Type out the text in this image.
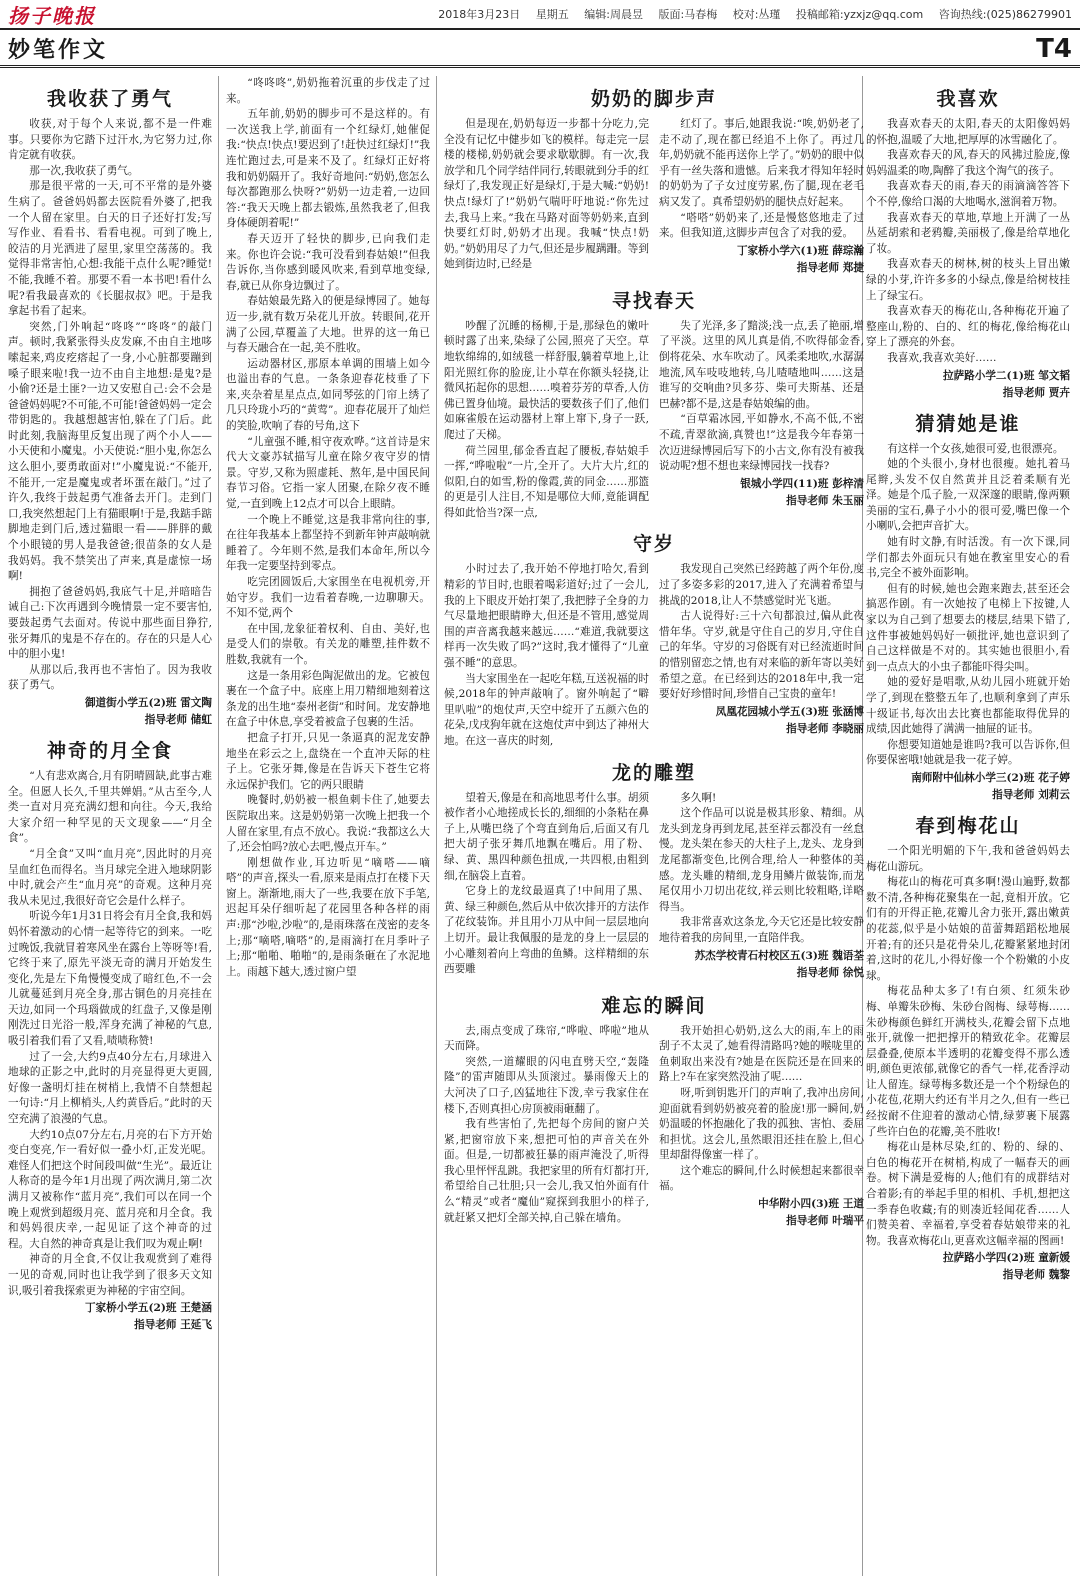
扬子晚报	2018年3月23日 星期五 编辑:周晨昱 版面:马春梅 校对:丛瑾 投稿邮箱:yzxjz@qq.com 咨询热线:(025)86279901
妙笔作文	T4
我收获了勇气

收获,对于每个人来说,都不是一件难事。只要你为它踏下过汗水,为它努力过,你肯定就有收获。

那一次,我收获了勇气。

那是很平常的一天,可不平常的是外婆生病了。爸爸妈妈都去医院看外婆了,把我一个人留在家里。白天的日子还好打发;写写作业、看看书、看看电视。可到了晚上,皎洁的月光洒进了屋里,家里空荡荡的。我觉得非常害怕,心想:我能干点什么呢?睡觉!不能,我睡不着。那要不看一本书吧!看什么呢?看我最喜欢的《长腿叔叔》吧。于是我拿起书看了起来。

突然,门外响起“咚咚”“咚咚”的敲门声。顿时,我紧张得头皮发麻,不由自主地哆嗦起来,鸡皮疙瘩起了一身,小心脏都要蹦到嗓子眼来啦!我一边不由自主地想:是鬼?是小偷?还是土匪?一边又安慰自己:会不会是爸爸妈妈呢?不可能,不可能!爸爸妈妈一定会带钥匙的。我越想越害怕,躲在了门后。此时此刻,我脑海里反复出现了两个小人——小天使和小魔鬼。小天使说:“胆小鬼,你怎么这么胆小,要勇敢面对!”小魔鬼说:“不能开,不能开,一定是魔鬼或者坏蛋在敲门。”过了许久,我终于鼓起勇气准备去开门。走到门口,我突然想起门上有猫眼啊!于是,我踮手踮脚地走到门后,透过猫眼一看——胖胖的戴个小眼镜的男人是我爸爸;很苗条的女人是我妈妈。我不禁笑出了声来,真是虚惊一场啊!

拥抱了爸爸妈妈,我底气十足,并暗暗告诫自己:下次再遇到今晚情景一定不要害怕,要鼓起勇气去面对。传说中那些面目狰狞,张牙舞爪的鬼是不存在的。存在的只是人心中的胆小鬼!

从那以后,我再也不害怕了。因为我收获了勇气。

御道街小学五(2)班 雷文陶
指导老师 储虹
神奇的月全食

“人有悲欢离合,月有阴晴圆缺,此事古难全。但愿人长久,千里共婵娟。”从古至今,人类一直对月亮充满幻想和向往。今天,我给大家介绍一种罕见的天文现象——“月全食”。

“月全食”又叫“血月亮”,因此时的月亮呈血红色而得名。当月球完全进入地球阴影中时,就会产生“血月亮”的奇观。这种月亮我从未见过,我很好奇它会是什么样子。

听说今年1月31日将会有月全食,我和妈妈怀着激动的心情一起等待它的到来。一吃过晚饭,我就冒着寒风坐在露台上等呀等!看,它终于来了,原先平淡无奇的满月开始发生变化,先是左下角慢慢变成了暗红色,不一会儿就蔓延到月亮全身,那古铜色的月亮挂在天边,如同一个玛瑙做成的红盘子,又像是刚刚洗过日光浴一般,浑身充满了神秘的气息,吸引着我们看了又看,啧啧称赞!

过了一会,大约9点40分左右,月球进入地球的正影之中,此时的月亮显得更大更圆,好像一盏明灯挂在树梢上,我情不自禁想起一句诗:“月上柳梢头,人约黄昏后。”此时的天空充满了浪漫的气息。

大约10点07分左右,月亮的右下方开始变白变亮,乍一看好似一叠小灯,正发光呢。难怪人们把这个时间段叫做“生光”。最近让人称奇的是今年1月出现了两次满月,第二次满月又被称作“蓝月亮”,我们可以在同一个晚上观赏到超级月亮、蓝月亮和月全食。我和妈妈很庆幸,一起见证了这个神奇的过程。大自然的神奇真是让我们叹为观止啊!

神奇的月全食,不仅让我观赏到了难得一见的奇观,同时也让我学到了很多天文知识,吸引着我探索更为神秘的宇宙空间。

丁家桥小学五(2)班 王楚涵
指导老师 王延飞

“咚咚咚”,奶奶拖着沉重的步伐走了过来。

五年前,奶奶的脚步可不是这样的。有一次送我上学,前面有一个红绿灯,她催促我:“快点!快点!要迟到了!赶快过红绿灯!”我连忙跑过去,可是来不及了。红绿灯正好将我和奶奶隔开了。我好奇地问:“奶奶,您怎么每次都跑那么快呀?”奶奶一边走着,一边回答:“我天天晚上都去锻炼,虽然我老了,但我身体硬朗着呢!”

春天迈开了轻快的脚步,已向我们走来。你也许会说:“我可没看到春姑娘!”但我告诉你,当你感到暖风吹来,看到草地变绿,春,就已从你身边飘过了。

春姑娘最先路入的便是绿博园了。她每迈一步,就有数万朵花儿开放。转眼间,花开满了公园,草覆盖了大地。世界的这一角已与春天融合在一起,美不胜收。

运动器材区,那原本单调的围墙上如今也溢出春的气息。一条条迎春花枝垂了下来,夹杂着星星点点,如同琴弦的门帘上绣了几只玲珑小巧的“黄莺”。迎春花展开了灿烂的笑脸,吹响了春的号角,这下

“儿童强不睡,相守夜欢哗。”这首诗是宋代大文豪苏轼描写儿童在除夕夜守岁的情景。守岁,又称为照虚耗、熬年,是中国民间春节习俗。它指一家人团聚,在除夕夜不睡觉,一直到晚上12点才可以合上眼睛。

一个晚上不睡觉,这是我非常向往的事,在往年我基本上都坚持不到新年钟声敲响就睡着了。今年则不然,是我们本命年,所以今年我一定要坚持到零点。

吃完团圆饭后,大家围坐在电视机旁,开始守岁。我们一边看着春晚,一边聊聊天。不知不觉,两个

在中国,龙象征着权利、自由、美好,也是受人们的崇敬。有关龙的雕塑,挂件数不胜数,我就有一个。

这是一条用彩色陶泥做出的龙。它被包裹在一个盒子中。底座上用刀精细地刻着这条龙的出生地“泰州老街”和时间。龙安静地在盒子中休息,享受着被盒子包裹的生活。

把盒子打开,只见一条逼真的泥龙安静地坐在彩云之上,盘绕在一个直冲天际的柱子上。它张牙舞,像是在告诉天下苍生它将永远保护我们。它的两只眼睛

晚餐时,奶奶被一根鱼刺卡住了,她要去医院取出来。这是奶奶第一次晚上把我一个人留在家里,有点不放心。我说:“我都这么大了,还会怕吗?放心去吧,慢点开车。”

刚想做作业,耳边听见“嘀嗒——嘀嗒”的声音,探头一看,原来是雨点打在楼下天窗上。渐渐地,雨大了一些,我要在放下手笔,迟起耳朵仔细听起了花园里各种各样的雨声:那“沙啦,沙啦”的,是雨珠落在茂密的麦冬上;那“嘀嗒,嘀嗒”的,是雨滴打在月季叶子上;那“啪啪、啪啪”的,是雨条砸在了水泥地上。雨越下越大,透过窗户望

奶奶的脚步声

但是现在,奶奶每迈一步都十分吃力,完全没有记忆中健步如飞的模样。每走完一层楼的楼梯,奶奶就会要求歇歇脚。有一次,我放学和几个同学结伴同行,转眼就到分手的红绿灯了,我发现正好是绿灯,于是大喊:“奶奶!快点!绿灯了!”奶奶气喘吁吁地说:“你先过去,我马上来。”我在马路对面等奶奶来,直到快要红灯时,奶奶才出现。我喊“快点!奶奶。”奶奶用尽了力气,但还是步履蹒跚。等到她到街边时,已经是

红灯了。事后,她跟我说:“唉,奶奶老了,走不动了,现在都已经追不上你了。再过几年,奶奶就不能再送你上学了。”奶奶的眼中似乎有一丝失落和遗憾。后来我才得知年轻时的奶奶为了子女过度劳累,伤了腿,现在老毛病又发了。真希望奶奶的腿快点好起来。

“嗒嗒”奶奶来了,还是慢悠悠地走了过来。但我知道,这脚步声包含了对我的爱。

丁家桥小学六(1)班 薛琮瀚
指导老师 郑捷
寻找春天

吵醒了沉睡的杨柳,于是,那绿色的嫩叶顿时露了出来,染绿了公园,照亮了天空。草地软绵绵的,如绒毯一样舒服,躺着草地上,让阳光照红你的脸庞,让小草在你额头轻挠,让微风拓起你的思想……嗅着芬芳的草香,人仿佛已置身仙境。最快活的要数孩子们了,他们如麻雀般在运动器材上窜上窜下,身子一跃,爬过了天梯。

荷兰园里,郁金香直起了腰板,春姑娘手一挥,“哗啦啦”一片,全开了。大片大片,红的似阳,白的如雪,粉的像霞,黄的同金……那篮的更是引人注目,不知是哪位大师,竟能调配得如此恰当?深一点,

失了光泽,多了黯淡;浅一点,丢了艳丽,增了平淡。这里的风儿真是俏,不吹得郁金香,倒将花朵、水车吹动了。风柔柔地吹,水潺潺地流,风车吱吱地转,乌儿喳喳地叫……这是谁写的交响曲?贝多芬、柴可夫斯基、还是巴赫?都不是,这是春姑娘编的曲。

“百草霜冰园,平如静水,不高不低,不密不疏,青翠欲滴,真赞也!”这是我今年春第一次迈进绿博园后写下的小古文,你有没有被我说动呢?想不想也来绿博园找一找春?

银城小学四(11)班 彭梓清
指导老师 朱玉丽
守岁

小时过去了,我开始不停地打哈欠,看到精彩的节目时,也眼着喝彩道好;过了一会儿,我的上下眼皮开始打架了,我把脖子全身的力气尽量地把眼睛睁大,但还是不管用,感觉周围的声音离我越来越远……“难道,我就要这样再一次失败了吗?”这时,我才懂得了“儿童强不睡”的意思。

当大家围坐在一起吃年糕,互送祝福的时候,2018年的钟声敲响了。窗外响起了“噼里叭啦”的炮仗声,天空中绽开了五颜六色的花朵,戊戌狗年就在这炮仗声中到达了神州大地。在这一喜庆的时刻,

我发现自己突然已经跨越了两个年份,度过了多姿多彩的2017,进入了充满着希望与挑战的2018,让人不禁感觉时光飞逝。

古人说得好:三十六旬都浪过,偏从此夜惜年华。守岁,就是守住自己的岁月,守住自己的年华。守岁的习俗既有对已经流逝时间的惜别留恋之情,也有对来临的新年寄以美好希望之意。在已经到达的2018年中,我一定要好好珍惜时间,珍惜自己宝贵的童年!

凤凰花园城小学五(3)班 张涵博
指导老师 李晓丽
龙的雕塑

望着天,像是在和高地思考什么事。胡须被作者小心地搓成长长的,细细的小条粘在鼻子上,从嘴巴绕了个弯直到角后,后面又有几把大胡子张牙舞爪地飘在嘴后。用了粉、绿、黄、黑四种颜色扭成,一共四根,由粗到细,在脑袋上直着。

它身上的龙纹最逼真了!中间用了黑、黄、绿三种颜色,然后从中依次排开的方法作了花纹装饰。并且用小刀从中间一层层地向上切开。最让我佩服的是龙的身上一层层的小心雕刻着向上弯曲的鱼鳞。这样精细的东西要雕

多久啊!

这个作品可以说是极其形象、精细。从龙头到龙身再到龙尾,甚至祥云都没有一丝怠慢。龙头架在参天的大柱子上,龙头、龙身到龙尾都渐变色,比例合理,给人一种整体的美感。龙头雕的精细,龙身用鳞片做装饰,而龙尾仅用小刀切出花纹,祥云则比较粗略,详略得当。

我非常喜欢这条龙,今天它还是比较安静地待着我的房间里,一直陪伴我。

苏杰学校青石村校区五(3)班 魏语荃
指导老师 徐悦
难忘的瞬间

去,雨点变成了珠帘,“哗啦、哗啦”地从天而降。

突然,一道耀眼的闪电直劈天空,“轰隆隆”的雷声随即从头顶滚过。暴雨像天上的大河决了口子,凶猛地往下泼,幸亏我家住在楼下,否则真担心房顶被雨砸翻了。

我有些害怕了,先把每个房间的窗户关紧,把窗帘放下来,想把可怕的声音关在外面。但是,一切都被狂暴的雨声淹没了,听得我心里怦怦乱跳。我把家里的所有灯都打开,希望给自己壮胆;只一会儿,我又怕外面有什么“精灵”或者“魔仙”窥探到我胆小的样子,就赶紧又把灯全部关掉,自己躲在墙角。

我开始担心奶奶,这么大的雨,车上的雨刮子不太灵了,她看得清路吗?她的喉咙里的鱼刺取出来没有?她是在医院还是在回来的路上?车在家突然没油了呢……

呀,听到钥匙开门的声响了,我冲出房间,迎面就看到奶奶被亮着的脸庞!那一瞬间,奶奶温暖的怀抱融化了我的孤独、害怕、委屈和担忧。这会儿,虽然眼泪还挂在脸上,但心里却甜得像蜜一样了。

这个难忘的瞬间,什么时候想起来都很幸福。

中华附小四(3)班 王道
指导老师 叶瑞平
我喜欢

我喜欢春天的太阳,春天的太阳像妈妈的怀抱,温暖了大地,把厚厚的冰雪融化了。

我喜欢春天的风,春天的风拂过脸庞,像妈妈温柔的吻,陶醉了我这个淘气的孩子。

我喜欢春天的雨,春天的雨滴滴答答下个不停,像给口渴的大地喝水,滋润着万物。

我喜欢春天的草地,草地上开满了一丛丛延胡索和老鸦瓣,美丽极了,像是给草地化了妆。

我喜欢春天的树林,树的枝头上冒出嫩绿的小芽,许许多多的小绿点,像是给树枝挂上了绿宝石。

我喜欢春天的梅花山,各种梅花开遍了整座山,粉的、白的、红的梅花,像给梅花山穿上了漂亮的外套。

我喜欢,我喜欢美好……

拉萨路小学二(1)班 邹文韬
指导老师 贾卉
猜猜她是谁

有这样一个女孩,她很可爱,也很漂亮。

她的个头很小,身材也很瘦。她扎着马尾辫,头发不仅自然黄并且泛着柔顺有光泽。她是个瓜子脸,一双深邃的眼睛,像两颗美丽的宝石,鼻子小小的很可爱,嘴巴像一个小喇叭,会把声音扩大。

她有时文静,有时活泼。有一次下课,同学们都去外面玩只有她在教室里安心的看书,完全不被外面影响。

但有的时候,她也会跑来跑去,甚至还会搞恶作剧。有一次她按了电梯上下按键,人家以为自己到了想要去的楼层,结果下错了,这件事被她妈妈好一顿批评,她也意识到了自己这样做是不对的。其实她也很胆小,看到一点点大的小虫子都能吓得尖叫。

她的爱好是唱歌,从幼儿园小班就开始学了,到现在整整五年了,也顺利拿到了声乐十级证书,每次出去比赛也都能取得优异的成绩,因此她得了满满一抽屉的证书。

你想要知道她是谁吗?我可以告诉你,但你要保密哦!她就是我一花子婷。

南师附中仙林小学三(2)班 花子婷
指导老师 刘莉云
春到梅花山

一个阳光明媚的下午,我和爸爸妈妈去梅花山游玩。

梅花山的梅花可真多啊!漫山遍野,数都数不清,各种梅花聚集在一起,竟相开放。它们有的开得正艳,花瓣儿舍力张开,露出嫩黄的花蕊,似乎是小姑娘的苗蕾舞蹈蹈松地展开着;有的还只是花骨朵儿,花瓣紧紧地封闭着,这时的花儿,小得好像一个个粉嫩的小皮球。

梅花品种太多了!有白须、红须朱砂梅、单瓣朱砂梅、朱砂台阁梅、绿萼梅……朱砂梅颜色鲜红开满枝头,花瓣会留下点地张开,就像一把把撑开的精致花伞。花瓣层层叠叠,使原本半透明的花瓣变得不那么透明,颜色更浓郁,就像它的香气一样,花香浮动让人留连。绿萼梅多数还是一个个粉绿色的小花苞,花期大约还有半月之久,但有一些已经按耐不住迎着的激动心情,绿萝裹下展露了些许白色的花瓣,美不胜收!

梅花山是林尽染,红的、粉的、绿的、白色的梅花开在树梢,构成了一幅春天的画卷。树下满是爱梅的人;他们有的成群结对合着影;有的举起手里的相机、手机,想把这一季春色收藏;有的则凑近轻闻花香……人们赞美着、幸福着,享受着春姑娘带来的礼物。我喜欢梅花山,更喜欢这幅幸福的图画!

拉萨路小学四(2)班 童新媛
指导老师 魏黎
